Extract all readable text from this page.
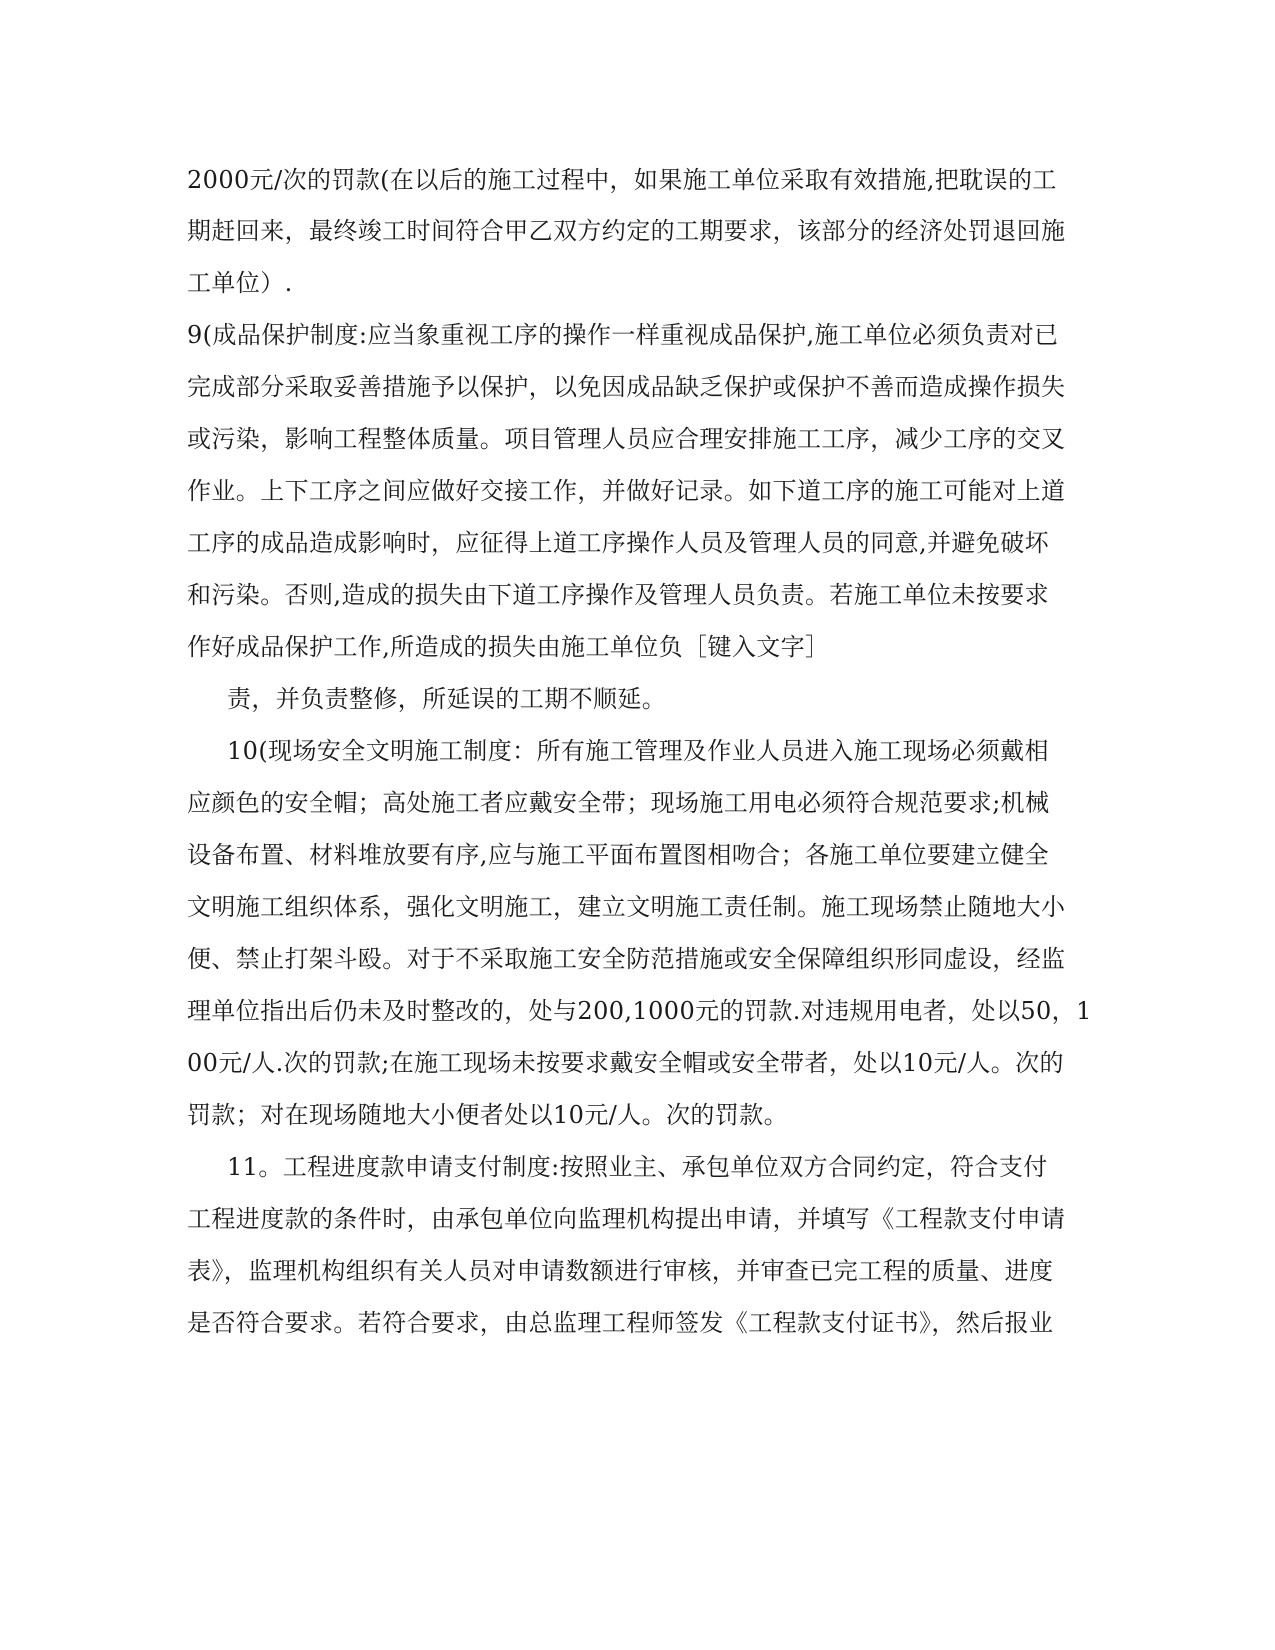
2000元/次的罚款(在以后的施工过程中，如果施工单位采取有效措施,把耽误的工
期赶回来，最终竣工时间符合甲乙双方约定的工期要求，该部分的经济处罚退回施
工单位）.
9(成品保护制度:应当象重视工序的操作一样重视成品保护,施工单位必须负责对已
完成部分采取妥善措施予以保护，以免因成品缺乏保护或保护不善而造成操作损失
或污染，影响工程整体质量。项目管理人员应合理安排施工工序，减少工序的交叉
作业。上下工序之间应做好交接工作，并做好记录。如下道工序的施工可能对上道
工序的成品造成影响时，应征得上道工序操作人员及管理人员的同意,并避免破坏
和污染。否则,造成的损失由下道工序操作及管理人员负责。若施工单位未按要求
作好成品保护工作,所造成的损失由施工单位负［键入文字］
责，并负责整修，所延误的工期不顺延。
10(现场安全文明施工制度：所有施工管理及作业人员进入施工现场必须戴相
应颜色的安全帽；高处施工者应戴安全带；现场施工用电必须符合规范要求;机械
设备布置、材料堆放要有序,应与施工平面布置图相吻合；各施工单位要建立健全
文明施工组织体系，强化文明施工，建立文明施工责任制。施工现场禁止随地大小
便、禁止打架斗殴。对于不采取施工安全防范措施或安全保障组织形同虚设，经监
理单位指出后仍未及时整改的，处与200,1000元的罚款.对违规用电者，处以50，1
00元/人.次的罚款;在施工现场未按要求戴安全帽或安全带者，处以10元/人。次的
罚款；对在现场随地大小便者处以10元/人。次的罚款。
11。工程进度款申请支付制度:按照业主、承包单位双方合同约定，符合支付
工程进度款的条件时，由承包单位向监理机构提出申请，并填写《工程款支付申请
表》，监理机构组织有关人员对申请数额进行审核，并审查已完工程的质量、进度
是否符合要求。若符合要求，由总监理工程师签发《工程款支付证书》，然后报业
